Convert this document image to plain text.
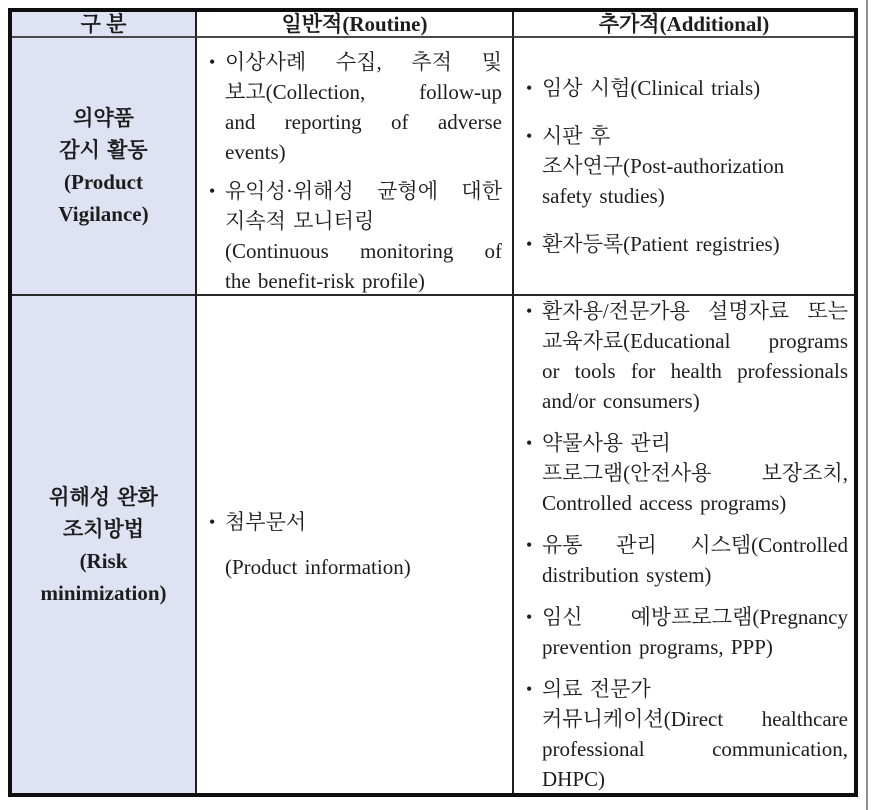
구 분	일반적(Routine)	추가적(Additional)
의약품
감시 활동
(Product
Vigilance)
• 이상사례 수집, 추적 및
보고(Collection, follow-up
and reporting of adverse
events)
• 유익성·위해성 균형에 대한
지속적 모니터링
(Continuous monitoring of
the benefit-risk profile)
• 임상 시험(Clinical trials)
• 시판 후
조사연구(Post-authorization
safety studies)
• 환자등록(Patient registries)
위해성 완화
조치방법
(Risk
minimization)
• 첨부문서
(Product information)
• 환자용/전문가용 설명자료 또는
교육자료(Educational programs
or tools for health professionals
and/or consumers)
• 약물사용 관리
프로그램(안전사용 보장조치,
Controlled access programs)
• 유통 관리 시스템(Controlled
distribution system)
• 임신 예방프로그램(Pregnancy
prevention programs, PPP)
• 의료 전문가
커뮤니케이션(Direct healthcare
professional communication,
DHPC)
